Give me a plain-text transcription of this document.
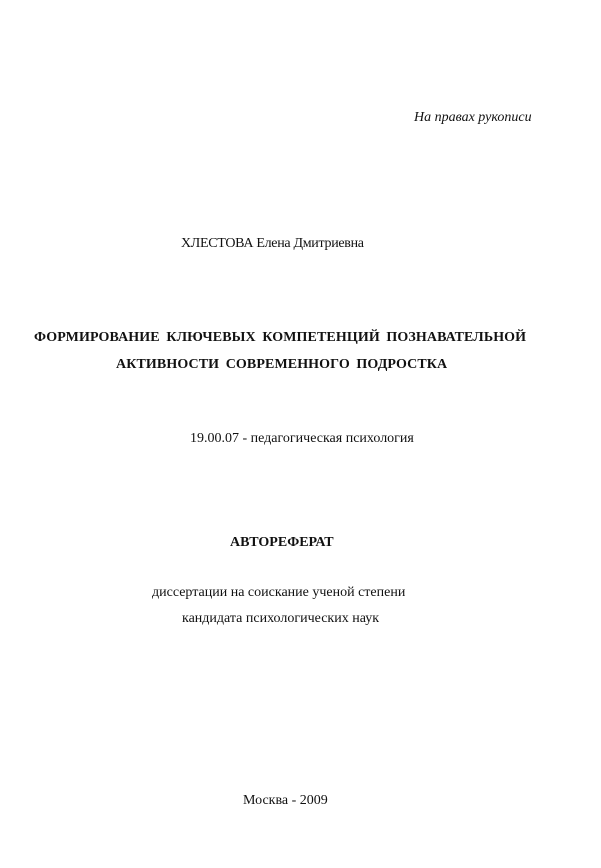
На правах рукописи
ХЛЕСТОВА Елена Дмитриевна
ФОРМИРОВАНИЕ КЛЮЧЕВЫХ КОМПЕТЕНЦИЙ ПОЗНАВАТЕЛЬНОЙ
АКТИВНОСТИ СОВРЕМЕННОГО ПОДРОСТКА
19.00.07 - педагогическая психология
АВТОРЕФЕРАТ
диссертации на соискание ученой степени
кандидата психологических наук
Москва - 2009
